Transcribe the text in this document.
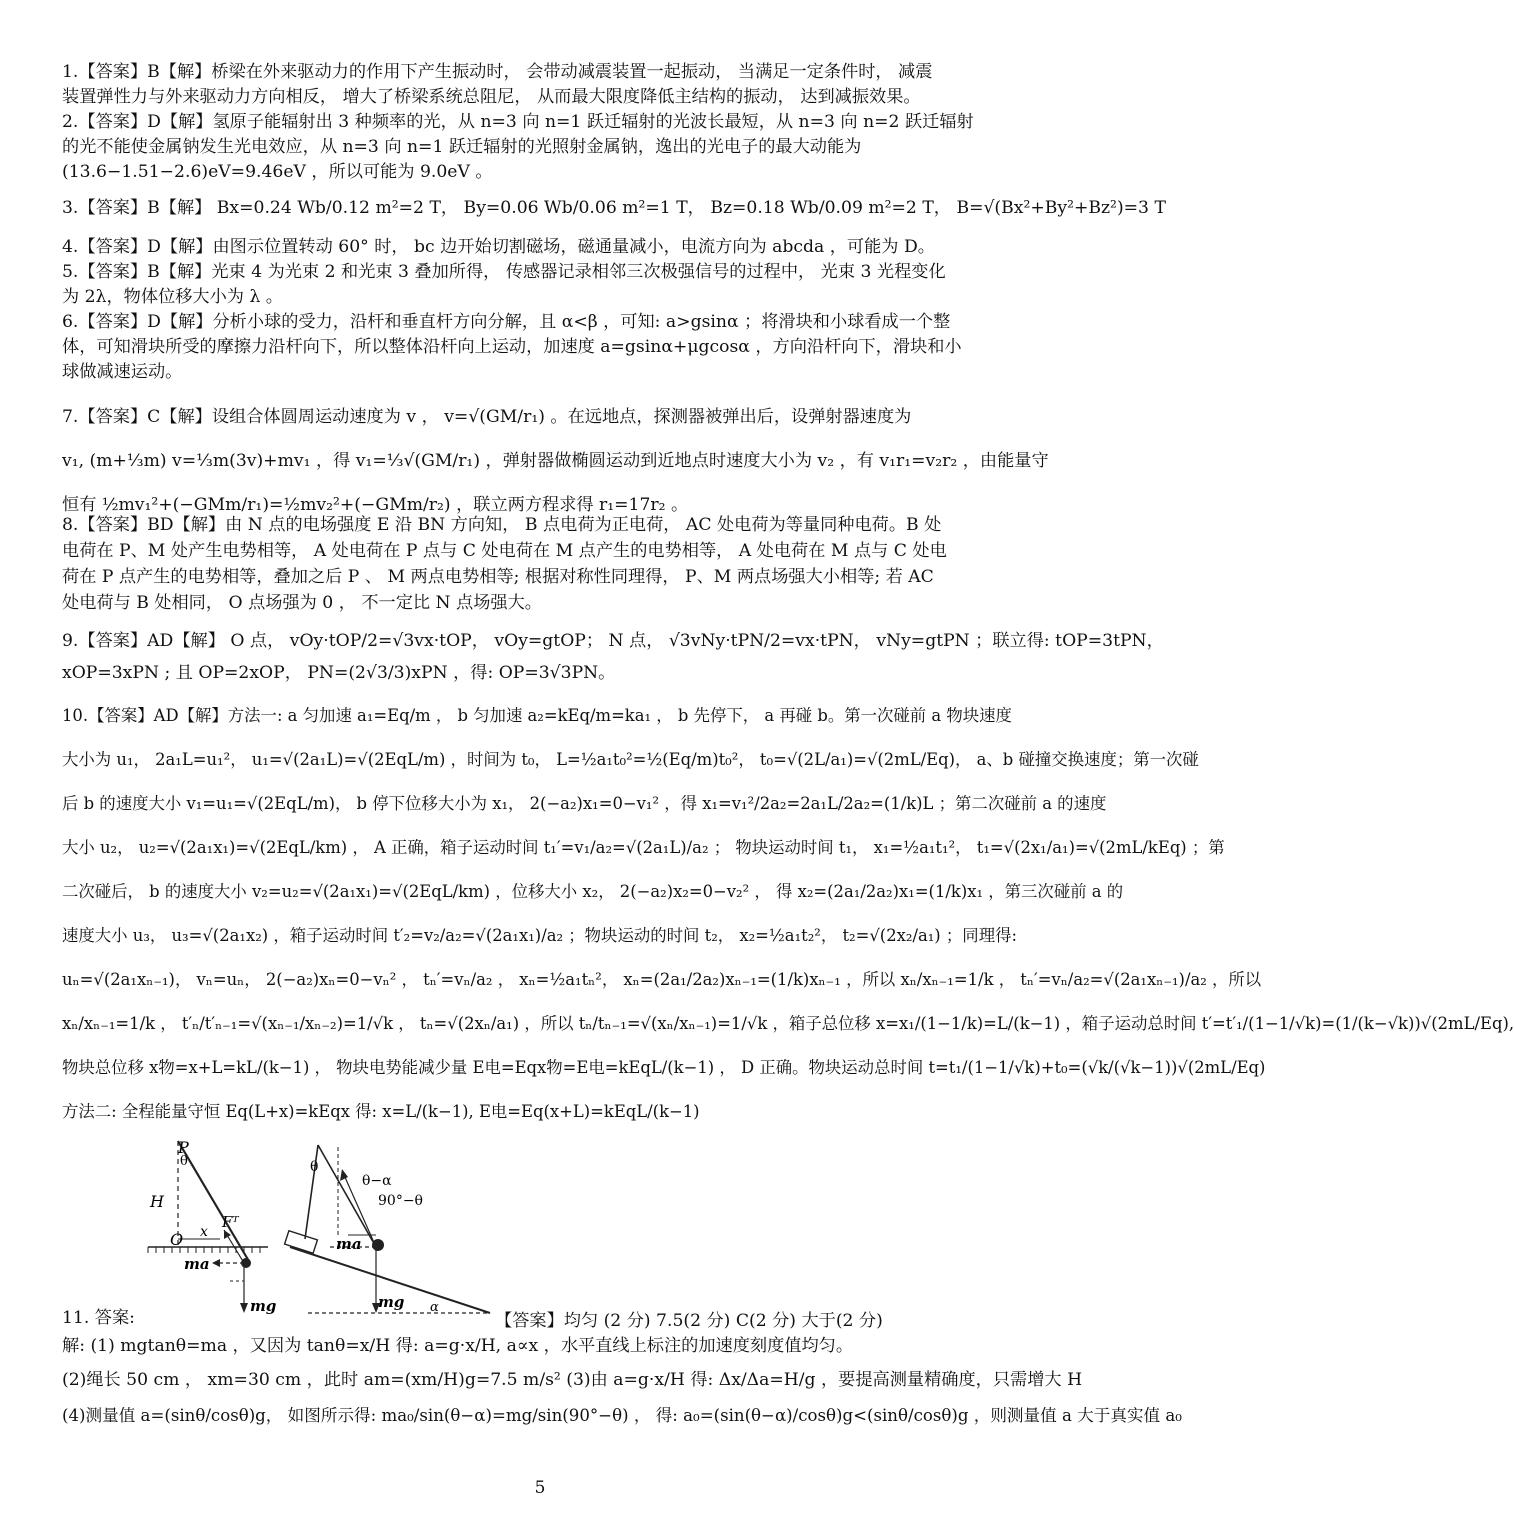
1.【答案】B【解】桥梁在外来驱动力的作用下产生振动时， 会带动减震装置一起振动， 当满足一定条件时， 减震
装置弹性力与外来驱动力方向相反， 增大了桥梁系统总阻尼， 从而最大限度降低主结构的振动， 达到减振效果。
2.【答案】D【解】氢原子能辐射出 3 种频率的光，从 n=3 向 n=1 跃迁辐射的光波长最短，从 n=3 向 n=2 跃迁辐射
的光不能使金属钠发生光电效应，从 n=3 向 n=1 跃迁辐射的光照射金属钠，逸出的光电子的最大动能为
(13.6−1.51−2.6)eV=9.46eV ，所以可能为 9.0eV 。
3.【答案】B【解】 Bx=0.24 Wb/0.12 m²=2 T， By=0.06 Wb/0.06 m²=1 T， Bz=0.18 Wb/0.09 m²=2 T， B=√(Bx²+By²+Bz²)=3 T
4.【答案】D【解】由图示位置转动 60° 时， bc 边开始切割磁场，磁通量减小，电流方向为 abcda ，可能为 D。
5.【答案】B【解】光束 4 为光束 2 和光束 3 叠加所得， 传感器记录相邻三次极强信号的过程中， 光束 3 光程变化
为 2λ，物体位移大小为 λ 。
6.【答案】D【解】分析小球的受力，沿杆和垂直杆方向分解，且 α<β ，可知: a>gsinα ；将滑块和小球看成一个整
体，可知滑块所受的摩擦力沿杆向下，所以整体沿杆向上运动，加速度 a=gsinα+μgcosα ，方向沿杆向下，滑块和小
球做减速运动。
7.【答案】C【解】设组合体圆周运动速度为 v ， v=√(GM/r₁) 。在远地点，探测器被弹出后，设弹射器速度为
v₁, (m+⅓m) v=⅓m(3v)+mv₁ ，得 v₁=⅓√(GM/r₁) ，弹射器做椭圆运动到近地点时速度大小为 v₂ ，有 v₁r₁=v₂r₂ ，由能量守
恒有 ½mv₁²+(−GMm/r₁)=½mv₂²+(−GMm/r₂) ，联立两方程求得 r₁=17r₂ 。
8.【答案】BD【解】由 N 点的电场强度 E 沿 BN 方向知， B 点电荷为正电荷， AC 处电荷为等量同种电荷。B 处
电荷在 P、M 处产生电势相等， A 处电荷在 P 点与 C 处电荷在 M 点产生的电势相等， A 处电荷在 M 点与 C 处电
荷在 P 点产生的电势相等，叠加之后 P 、 M 两点电势相等; 根据对称性同理得， P、M 两点场强大小相等; 若 AC
处电荷与 B 处相同， O 点场强为 0 ， 不一定比 N 点场强大。
9.【答案】AD【解】 O 点， vOy·tOP/2=√3vx·tOP， vOy=gtOP； N 点， √3vNy·tPN/2=vx·tPN， vNy=gtPN ；联立得: tOP=3tPN，
xOP=3xPN ; 且 OP=2xOP， PN=(2√3/3)xPN ，得: OP=3√3PN。
10.【答案】AD【解】方法一: a 匀加速 a₁=Eq/m ， b 匀加速 a₂=kEq/m=ka₁ ， b 先停下， a 再碰 b。第一次碰前 a 物块速度
大小为 u₁， 2a₁L=u₁²， u₁=√(2a₁L)=√(2EqL/m) ，时间为 t₀， L=½a₁t₀²=½(Eq/m)t₀²， t₀=√(2L/a₁)=√(2mL/Eq)， a、b 碰撞交换速度；第一次碰
后 b 的速度大小 v₁=u₁=√(2EqL/m)， b 停下位移大小为 x₁， 2(−a₂)x₁=0−v₁² ，得 x₁=v₁²/2a₂=2a₁L/2a₂=(1/k)L ；第二次碰前 a 的速度
大小 u₂， u₂=√(2a₁x₁)=√(2EqL/km) ， A 正确，箱子运动时间 t₁′=v₁/a₂=√(2a₁L)/a₂ ； 物块运动时间 t₁， x₁=½a₁t₁²， t₁=√(2x₁/a₁)=√(2mL/kEq) ；第
二次碰后， b 的速度大小 v₂=u₂=√(2a₁x₁)=√(2EqL/km) ，位移大小 x₂， 2(−a₂)x₂=0−v₂² ， 得 x₂=(2a₁/2a₂)x₁=(1/k)x₁ ，第三次碰前 a 的
速度大小 u₃， u₃=√(2a₁x₂) ，箱子运动时间 t′₂=v₂/a₂=√(2a₁x₁)/a₂ ；物块运动的时间 t₂， x₂=½a₁t₂²， t₂=√(2x₂/a₁) ；同理得:
uₙ=√(2a₁xₙ₋₁)， vₙ=uₙ， 2(−a₂)xₙ=0−vₙ² ， tₙ′=vₙ/a₂ ， xₙ=½a₁tₙ²， xₙ=(2a₁/2a₂)xₙ₋₁=(1/k)xₙ₋₁ ，所以 xₙ/xₙ₋₁=1/k ， tₙ′=vₙ/a₂=√(2a₁xₙ₋₁)/a₂ ，所以
xₙ/xₙ₋₁=1/k ， t′ₙ/t′ₙ₋₁=√(xₙ₋₁/xₙ₋₂)=1/√k ， tₙ=√(2xₙ/a₁) ，所以 tₙ/tₙ₋₁=√(xₙ/xₙ₋₁)=1/√k ，箱子总位移 x=x₁/(1−1/k)=L/(k−1) ，箱子运动总时间 t′=t′₁/(1−1/√k)=(1/(k−√k))√(2mL/Eq),
物块总位移 x物=x+L=kL/(k−1) ， 物块电势能减少量 E电=Eqx物=E电=kEqL/(k−1) ， D 正确。物块运动总时间 t=t₁/(1−1/√k)+t₀=(√k/(√k−1))√(2mL/Eq)
方法二: 全程能量守恒 Eq(L+x)=kEqx 得: x=L/(k−1), E电=Eq(x+L)=kEqL/(k−1)
P
θ
H
O x
Fᵀ
ma
mg
θ
θ−α
90°−θ
ma
mg α
11. 答案:	【答案】均匀 (2 分) 7.5(2 分) C(2 分) 大于(2 分)
解: (1) mgtanθ=ma ，又因为 tanθ=x/H 得: a=g·x/H, a∝x ，水平直线上标注的加速度刻度值均匀。
(2)绳长 50 cm ， xm=30 cm ，此时 am=(xm/H)g=7.5 m/s² (3)由 a=g·x/H 得: Δx/Δa=H/g ，要提高测量精确度，只需增大 H
(4)测量值 a=(sinθ/cosθ)g， 如图所示得: ma₀/sin(θ−α)=mg/sin(90°−θ) ， 得: a₀=(sin(θ−α)/cosθ)g<(sinθ/cosθ)g ，则测量值 a 大于真实值 a₀
5
